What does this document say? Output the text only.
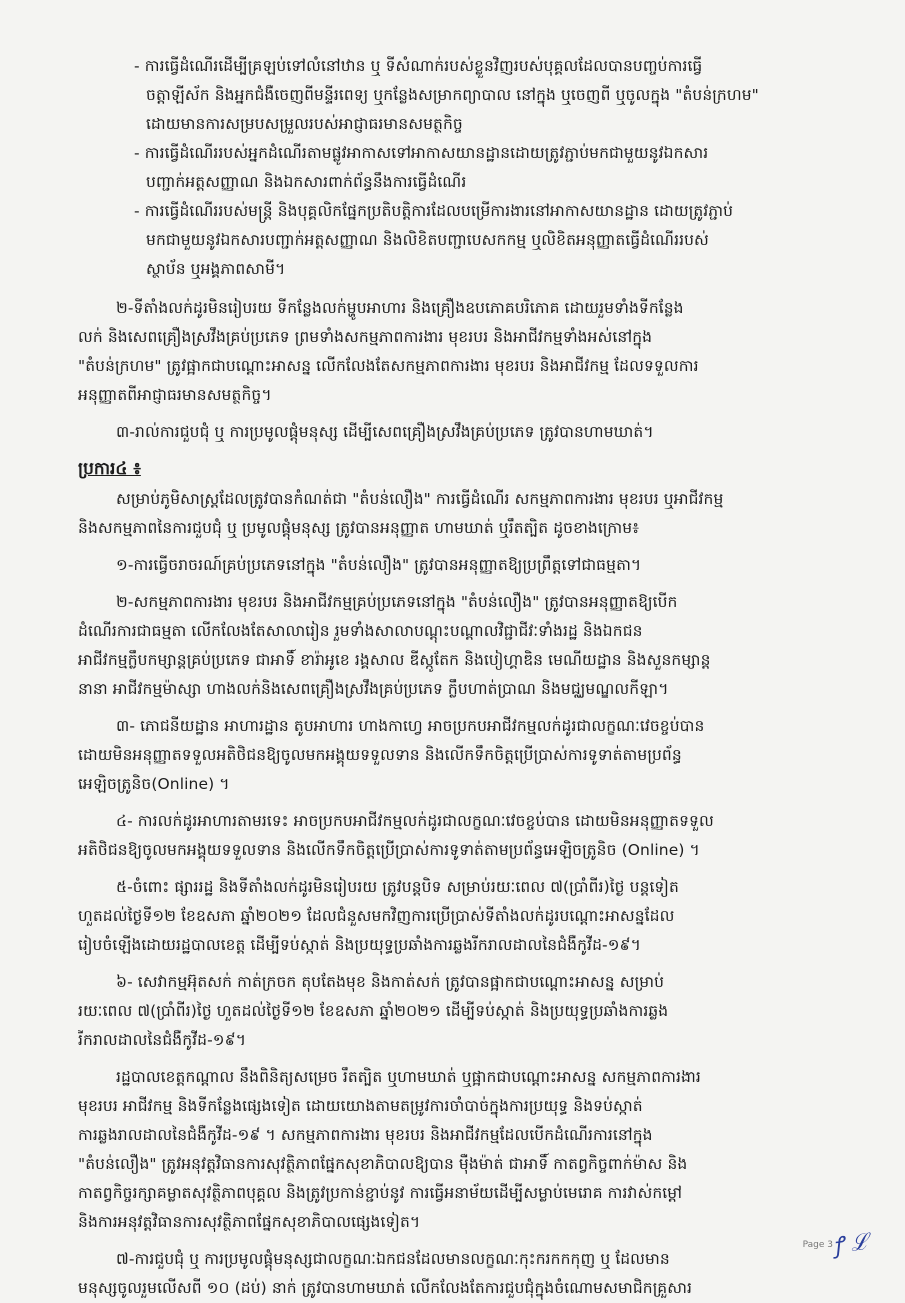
- ការធ្វើដំណើរដើម្បីគ្រឡប់ទៅលំនៅឋាន ឬ ទីសំណាក់របស់ខ្លួនវិញរបស់បុគ្គលដែលបានបញ្ចប់ការធ្វើ
ចត្តាឡីស័ក និងអ្នកជំងឺចេញពីមន្ទីរពេទ្យ ឬកន្លែងសម្រាកព្យាបាល នៅក្នុង ឬចេញពី ឬចូលក្នុង "តំបន់ក្រហម"
ដោយមានការសម្របសម្រួលរបស់អាជ្ញាធរមានសមត្ថកិច្ច
- ការធ្វើដំណើររបស់អ្នកដំណើរតាមផ្លូវអាកាសទៅអាកាសយានដ្ឋានដោយត្រូវភ្ជាប់មកជាមួយនូវឯកសារ
បញ្ជាក់អត្តសញ្ញាណ និងឯកសារពាក់ព័ន្ធនឹងការធ្វើដំណើរ
- ការធ្វើដំណើររបស់មន្ត្រី និងបុគ្គលិកផ្នែកប្រតិបត្តិការដែលបម្រើការងារនៅអាកាសយានដ្ឋាន ដោយត្រូវភ្ជាប់
មកជាមួយនូវឯកសារបញ្ជាក់អត្តសញ្ញាណ និងលិខិតបញ្ជាបេសកកម្ម ឬលិខិតអនុញ្ញាតធ្វើដំណើររបស់
ស្ថាប័ន ឬអង្គភាពសាមី។
២-ទីតាំងលក់ដូរមិនរៀបរយ ទីកន្លែងលក់ម្ហូបអាហារ និងគ្រឿងឧបភោគបរិភោគ ដោយរួមទាំងទីកន្លែង
លក់ និងសេពគ្រឿងស្រវឹងគ្រប់ប្រភេទ ព្រមទាំងសកម្មភាពការងារ មុខរបរ និងអាជីវកម្មទាំងអស់នៅក្នុង
"តំបន់ក្រហម" ត្រូវផ្អាកជាបណ្តោះអាសន្ន លើកលែងតែសកម្មភាពការងារ មុខរបរ និងអាជីវកម្ម ដែលទទួលការ
អនុញ្ញាតពីអាជ្ញាធរមានសមត្ថកិច្ច។
៣-រាល់ការជួបជុំ ឬ ការប្រមូលផ្តុំមនុស្ស ដើម្បីសេពគ្រឿងស្រវឹងគ្រប់ប្រភេទ ត្រូវបានហាមឃាត់។
ប្រការ៤ ៖
សម្រាប់ភូមិសាស្ត្រដែលត្រូវបានកំណត់ជា "តំបន់លឿង" ការធ្វើដំណើរ សកម្មភាពការងារ មុខរបរ ឬអាជីវកម្ម
និងសកម្មភាពនៃការជួបជុំ ឬ ប្រមូលផ្តុំមនុស្ស ត្រូវបានអនុញ្ញាត ហាមឃាត់ ឬរឹតត្បិត ដូចខាងក្រោម៖
១-ការធ្វើចរាចរណ៍គ្រប់ប្រភេទនៅក្នុង "តំបន់លឿង" ត្រូវបានអនុញ្ញាតឱ្យប្រព្រឹត្តទៅជាធម្មតា។
២-សកម្មភាពការងារ មុខរបរ និងអាជីវកម្មគ្រប់ប្រភេទនៅក្នុង "តំបន់លឿង" ត្រូវបានអនុញ្ញាតឱ្យបើក
ដំណើរការជាធម្មតា លើកលែងតែសាលារៀន រួមទាំងសាលាបណ្តុះបណ្តាលវិជ្ជាជីវៈទាំងរដ្ឋ និងឯកជន
អាជីវកម្មក្លឹបកម្សាន្តគ្រប់ប្រភេទ ជាអាទិ៍ ខារ៉ាអូខេ រង្គសាល ឌីស្កូតែក និងបៀហ្គាឌិន មេណីយដ្ឋាន និងសួនកម្សាន្ត
នានា អាជីវកម្មម៉ាស្សា ហាងលក់និងសេពគ្រឿងស្រវឹងគ្រប់ប្រភេទ ក្លឹបហាត់ប្រាណ និងមជ្ឈមណ្ឌលកីឡា។
៣- ភោជនីយដ្ឋាន អាហារដ្ឋាន តូបអាហារ ហាងកាហ្វេ អាចប្រកបអាជីវកម្មលក់ដូរជាលក្ខណៈវេចខ្ចប់បាន
ដោយមិនអនុញ្ញាតទទួលអតិថិជនឱ្យចូលមកអង្គុយទទួលទាន និងលើកទឹកចិត្តប្រើប្រាស់ការទូទាត់តាមប្រព័ន្ធ
អេឡិចត្រូនិច(Online) ។
៤- ការលក់ដូរអាហារតាមរទេះ អាចប្រកបអាជីវកម្មលក់ដូរជាលក្ខណៈវេចខ្ចប់បាន ដោយមិនអនុញ្ញាតទទួល
អតិថិជនឱ្យចូលមកអង្គុយទទួលទាន និងលើកទឹកចិត្តប្រើប្រាស់ការទូទាត់តាមប្រព័ន្ធអេឡិចត្រូនិច (Online) ។
៥-ចំពោះ ផ្សាររដ្ឋ និងទីតាំងលក់ដូរមិនរៀបរយ ត្រូវបន្តបិទ សម្រាប់រយៈពេល ៧(ប្រាំពីរ)ថ្ងៃ បន្តទៀត
ហួតដល់ថ្ងៃទី១២ ខែឧសភា ឆ្នាំ២០២១ ដែលជំនួសមកវិញការប្រើប្រាស់ទីតាំងលក់ដូរបណ្តោះអាសន្នដែល
រៀបចំឡើងដោយរដ្ឋបាលខេត្ត ដើម្បីទប់ស្កាត់ និងប្រយុទ្ធប្រឆាំងការឆ្លងរីករាលដាលនៃជំងឺកូវីដ-១៩។
៦- សេវាកម្មអ៊ុតសក់ កាត់ក្រចក តុបតែងមុខ និងកាត់សក់ ត្រូវបានផ្អាកជាបណ្តោះអាសន្ន សម្រាប់
រយៈពេល ៧(ប្រាំពីរ)ថ្ងៃ ហួតដល់ថ្ងៃទី១២ ខែឧសភា ឆ្នាំ២០២១ ដើម្បីទប់ស្កាត់ និងប្រយុទ្ធប្រឆាំងការឆ្លង
រីករាលដាលនៃជំងឺកូវីដ-១៩។
រដ្ឋបាលខេត្តកណ្តាល នឹងពិនិត្យសម្រេច រឹតត្បិត ឬហាមឃាត់ ឬផ្អាកជាបណ្តោះអាសន្ន សកម្មភាពការងារ
មុខរបរ អាជីវកម្ម និងទីកន្លែងផ្សេងទៀត ដោយយោងតាមតម្រូវការចាំបាច់ក្នុងការប្រយុទ្ធ និងទប់ស្កាត់
ការឆ្លងរាលដាលនៃជំងឺកូវីដ-១៩ ។ សកម្មភាពការងារ មុខរបរ និងអាជីវកម្មដែលបើកដំណើរការនៅក្នុង
"តំបន់លឿង" ត្រូវអនុវត្តវិធានការសុវត្ថិភាពផ្នែកសុខាភិបាលឱ្យបាន ម៉ឺងម៉ាត់ ជាអាទិ៍ កាតព្វកិច្ចពាក់ម៉ាស និង
កាតព្វកិច្ចរក្សាគម្លាតសុវត្ថិភាពបុគ្គល និងត្រូវប្រកាន់ខ្ជាប់នូវ ការធ្វើអនាម័យដើម្បីសម្លាប់មេរោគ ការវាស់កម្តៅ
និងការអនុវត្តវិធានការសុវត្ថិភាពផ្នែកសុខាភិបាលផ្សេងទៀត។
៧-ការជួបជុំ ឬ ការប្រមូលផ្តុំមនុស្សជាលក្ខណៈឯកជនដែលមានលក្ខណៈកុះករកកកុញ ឬ ដែលមាន
មនុស្សចូលរួមលើសពី ១០ (ដប់) នាក់ ត្រូវបានហាមឃាត់ លើកលែងតែការជួបជុំក្នុងចំណោមសមាជិកគ្រួសារ
Page 3
ꝭ ℒ
